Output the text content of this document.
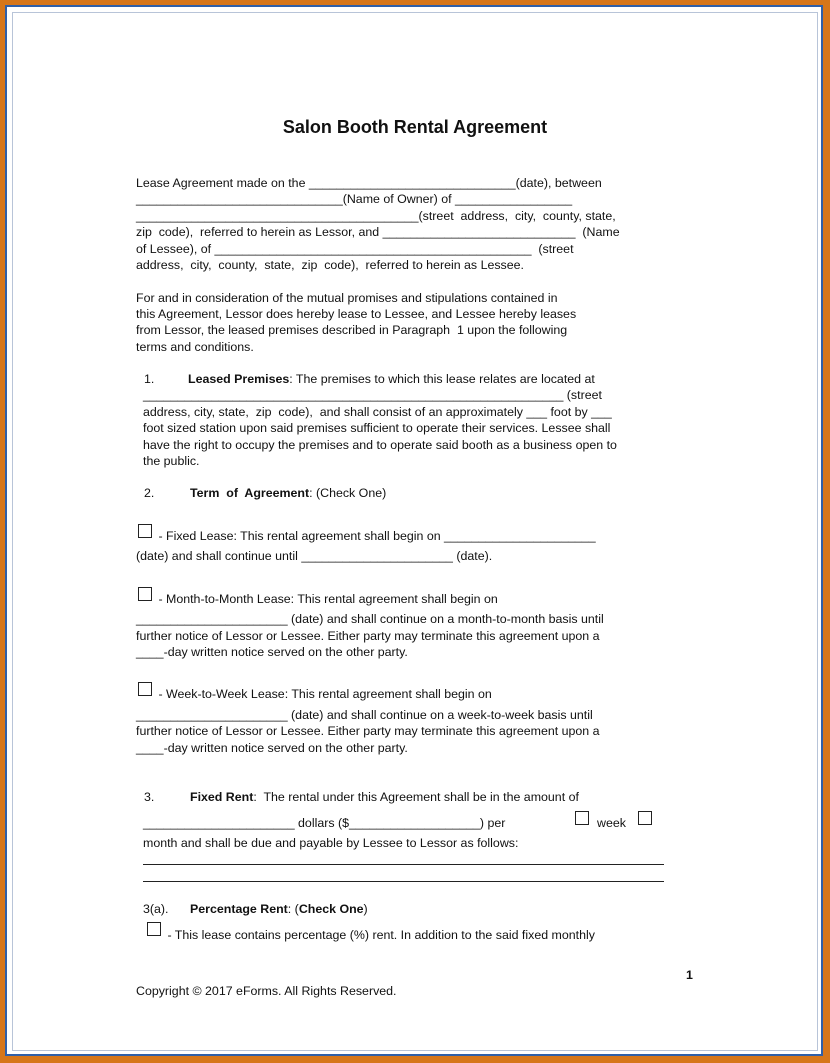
Salon Booth Rental Agreement
Lease Agreement made on the ______________________________(date), between
______________________________(Name of Owner) of _________________
_________________________________________(street  address,  city,  county, state,
zip  code),  referred to herein as Lessor, and ____________________________  (Name
of Lessee), of ______________________________________________  (street
address,  city,  county,  state,  zip  code),  referred to herein as Lessee.
For and in consideration of the mutual promises and stipulations contained in
this Agreement, Lessor does hereby lease to Lessee, and Lessee hereby leases
from Lessor, the leased premises described in Paragraph  1 upon the following
terms and conditions.
1.	Leased Premises: The premises to which this lease relates are located at
_____________________________________________________________ (street
address, city, state,  zip  code),  and shall consist of an approximately ___ foot by ___
foot sized station upon said premises sufficient to operate their services. Lessee shall
have the right to occupy the premises and to operate said booth as a business open to
the public.
2.	Term  of  Agreement: (Check One)
- Fixed Lease: This rental agreement shall begin on ______________________
(date) and shall continue until ______________________ (date).
- Month-to-Month Lease: This rental agreement shall begin on
______________________ (date) and shall continue on a month-to-month basis until
further notice of Lessor or Lessee. Either party may terminate this agreement upon a
____-day written notice served on the other party.
- Week-to-Week Lease: This rental agreement shall begin on
______________________ (date) and shall continue on a week-to-week basis until
further notice of Lessor or Lessee. Either party may terminate this agreement upon a
____-day written notice served on the other party.
3.	Fixed Rent:  The rental under this Agreement shall be in the amount of
______________________ dollars ($___________________) per	week
month and shall be due and payable by Lessee to Lessor as follows:
3(a). Percentage Rent: (Check One)
- This lease contains percentage (%) rent. In addition to the said fixed monthly
1
Copyright © 2017 eForms. All Rights Reserved.
